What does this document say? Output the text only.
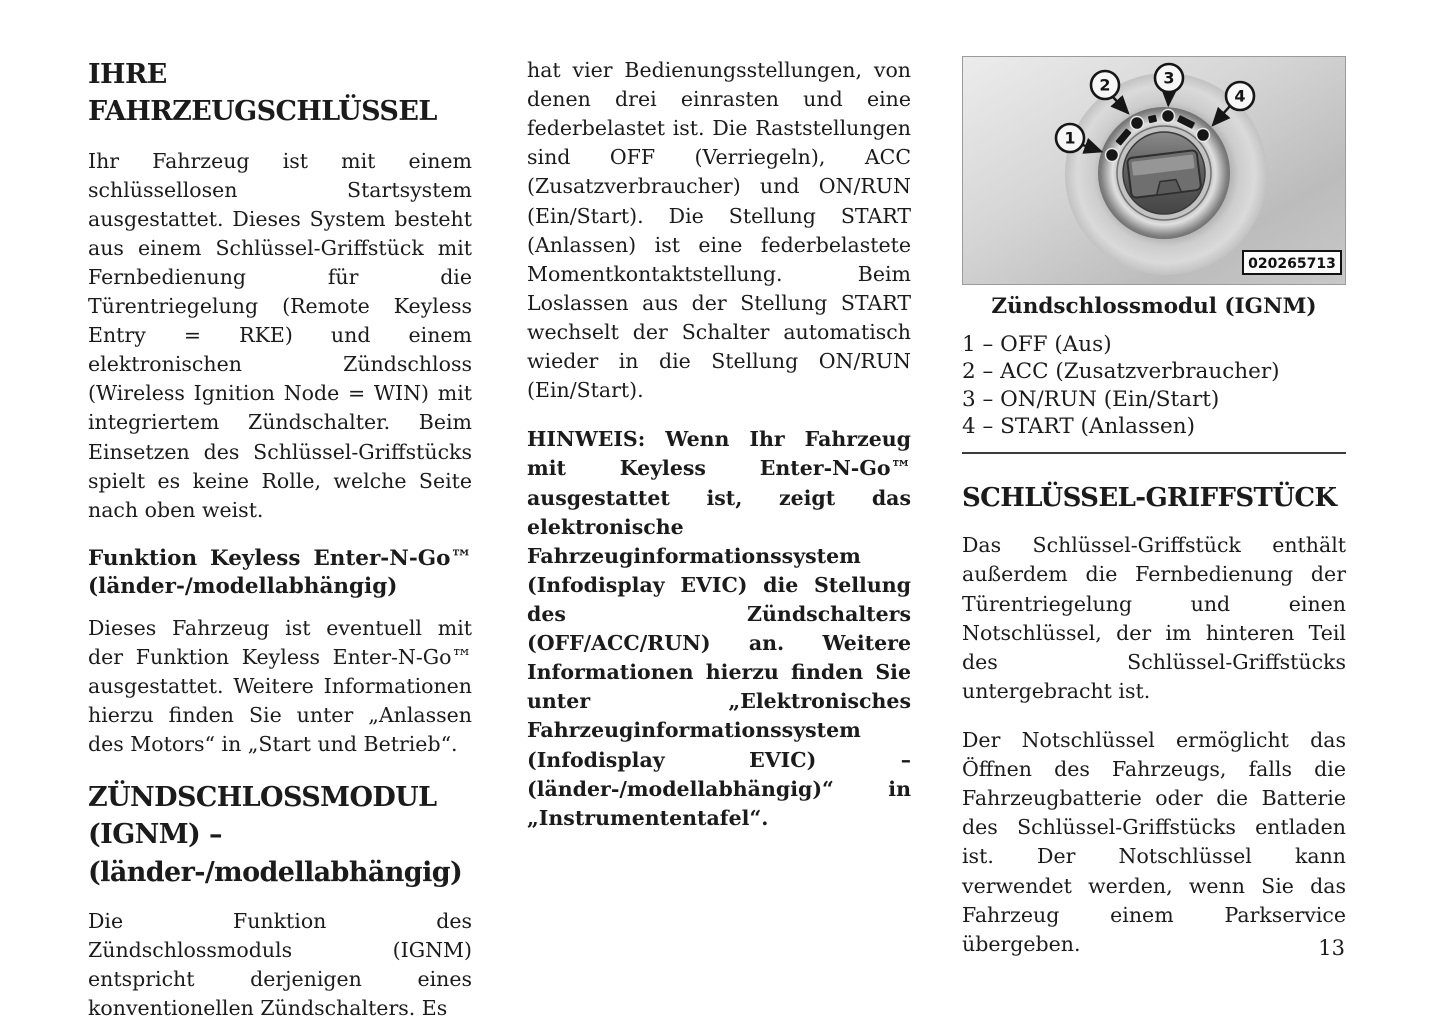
IHRE FAHRZEUGSCHLÜSSEL

Ihr Fahrzeug ist mit einem schlüssellosen Startsystem ausgestattet. Dieses System besteht aus einem Schlüssel-Griffstück mit Fernbedienung für die Türentriegelung (Remote Keyless Entry = RKE) und einem elektronischen Zündschloss (Wireless Ignition Node = WIN) mit integriertem Zündschalter. Beim Einsetzen des Schlüssel-Griffstücks spielt es keine Rolle, welche Seite nach oben weist.

Funktion Keyless Enter-N-Go™ (länder-/modellabhängig)

Dieses Fahrzeug ist eventuell mit der Funktion Keyless Enter-N-Go™ ausgestattet. Weitere Informationen hierzu finden Sie unter „Anlassen des Motors“ in „Start und Betrieb“.

ZÜNDSCHLOSSMODUL (IGNM) – (länder-/modellabhängig)

Die Funktion des Zündschlossmoduls (IGNM) entspricht derjenigen eines konventionellen Zündschalters. Es

hat vier Bedienungsstellungen, von denen drei einrasten und eine federbelastet ist. Die Raststellungen sind OFF (Verriegeln), ACC (Zusatzverbraucher) und ON/RUN (Ein/Start). Die Stellung START (Anlassen) ist eine federbelastete Momentkontaktstellung. Beim Loslassen aus der Stellung START wechselt der Schalter automatisch wieder in die Stellung ON/RUN (Ein/Start).

HINWEIS: Wenn Ihr Fahrzeug mit Keyless Enter-N-Go™ ausgestattet ist, zeigt das elektronische Fahrzeuginformationssystem (Infodisplay EVIC) die Stellung des Zündschalters (OFF/ACC/RUN) an. Weitere Informationen hierzu finden Sie unter „Elektronisches Fahrzeuginformationssystem (Infodisplay EVIC) – (länder-/modellabhängig)“ in „Instrumententafel“.

1
2	3
4
020265713
Zündschlossmodul (IGNM)
1 – OFF (Aus)
2 – ACC (Zusatzverbraucher)
3 – ON/RUN (Ein/Start)
4 – START (Anlassen)
SCHLÜSSEL-GRIFFSTÜCK

Das Schlüssel-Griffstück enthält außerdem die Fernbedienung der Türentriegelung und einen Notschlüssel, der im hinteren Teil des Schlüssel-Griffstücks untergebracht ist.

Der Notschlüssel ermöglicht das Öffnen des Fahrzeugs, falls die Fahrzeugbatterie oder die Batterie des Schlüssel-Griffstücks entladen ist. Der Notschlüssel kann verwendet werden, wenn Sie das Fahrzeug einem Parkservice übergeben.	13
